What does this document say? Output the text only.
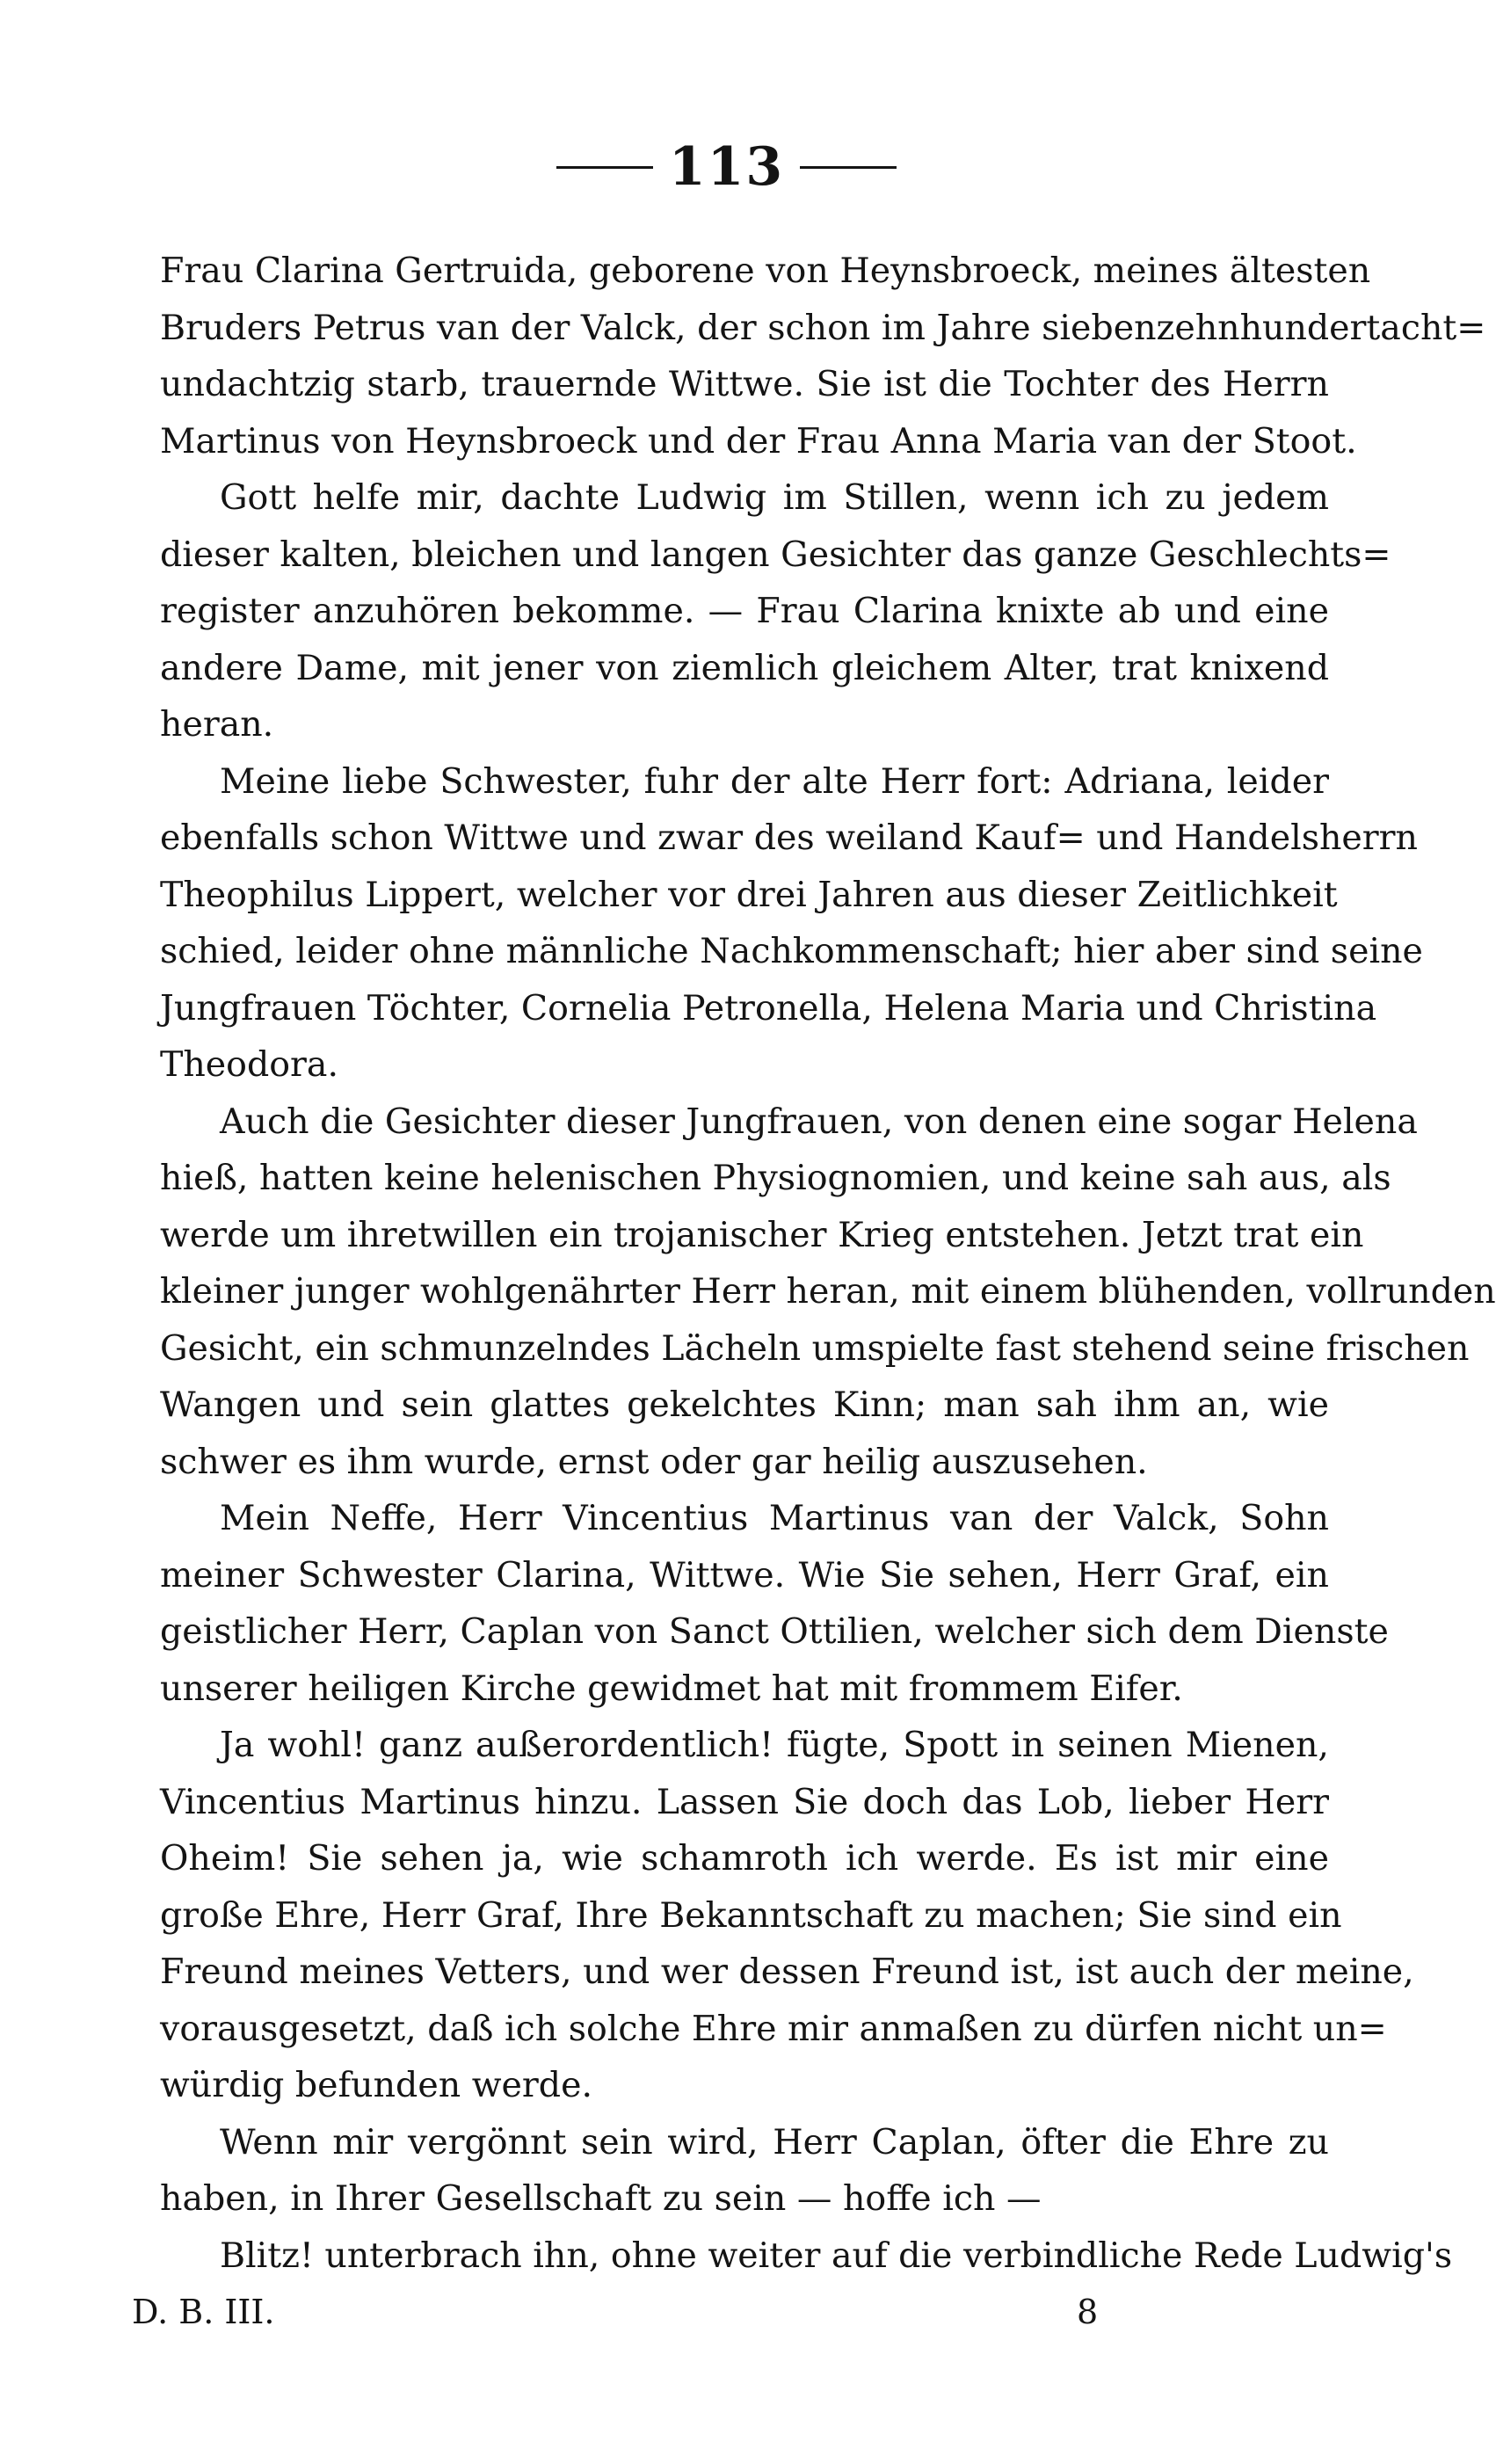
113
Frau Clarina Gertruida, geborene von Heynsbroeck, meines ältesten
Bruders Petrus van der Valck, der schon im Jahre siebenzehnhundertacht=
undachtzig starb, trauernde Wittwe. Sie ist die Tochter des Herrn
Martinus von Heynsbroeck und der Frau Anna Maria van der Stoot.
Gott helfe mir, dachte Ludwig im Stillen, wenn ich zu jedem
dieser kalten, bleichen und langen Gesichter das ganze Geschlechts=
register anzuhören bekomme. — Frau Clarina knixte ab und eine
andere Dame, mit jener von ziemlich gleichem Alter, trat knixend
heran.
Meine liebe Schwester, fuhr der alte Herr fort: Adriana, leider
ebenfalls schon Wittwe und zwar des weiland Kauf= und Handelsherrn
Theophilus Lippert, welcher vor drei Jahren aus dieser Zeitlichkeit
schied, leider ohne männliche Nachkommenschaft; hier aber sind seine
Jungfrauen Töchter, Cornelia Petronella, Helena Maria und Christina
Theodora.
Auch die Gesichter dieser Jungfrauen, von denen eine sogar Helena
hieß, hatten keine helenischen Physiognomien, und keine sah aus, als
werde um ihretwillen ein trojanischer Krieg entstehen. Jetzt trat ein
kleiner junger wohlgenährter Herr heran, mit einem blühenden, vollrunden
Gesicht, ein schmunzelndes Lächeln umspielte fast stehend seine frischen
Wangen und sein glattes gekelchtes Kinn; man sah ihm an, wie
schwer es ihm wurde, ernst oder gar heilig auszusehen.
Mein Neffe, Herr Vincentius Martinus van der Valck, Sohn
meiner Schwester Clarina, Wittwe. Wie Sie sehen, Herr Graf, ein
geistlicher Herr, Caplan von Sanct Ottilien, welcher sich dem Dienste
unserer heiligen Kirche gewidmet hat mit frommem Eifer.
Ja wohl! ganz außerordentlich! fügte, Spott in seinen Mienen,
Vincentius Martinus hinzu. Lassen Sie doch das Lob, lieber Herr
Oheim! Sie sehen ja, wie schamroth ich werde. Es ist mir eine
große Ehre, Herr Graf, Ihre Bekanntschaft zu machen; Sie sind ein
Freund meines Vetters, und wer dessen Freund ist, ist auch der meine,
vorausgesetzt, daß ich solche Ehre mir anmaßen zu dürfen nicht un=
würdig befunden werde.
Wenn mir vergönnt sein wird, Herr Caplan, öfter die Ehre zu
haben, in Ihrer Gesellschaft zu sein — hoffe ich —
Blitz! unterbrach ihn, ohne weiter auf die verbindliche Rede Ludwig's
D. B. III.	8
